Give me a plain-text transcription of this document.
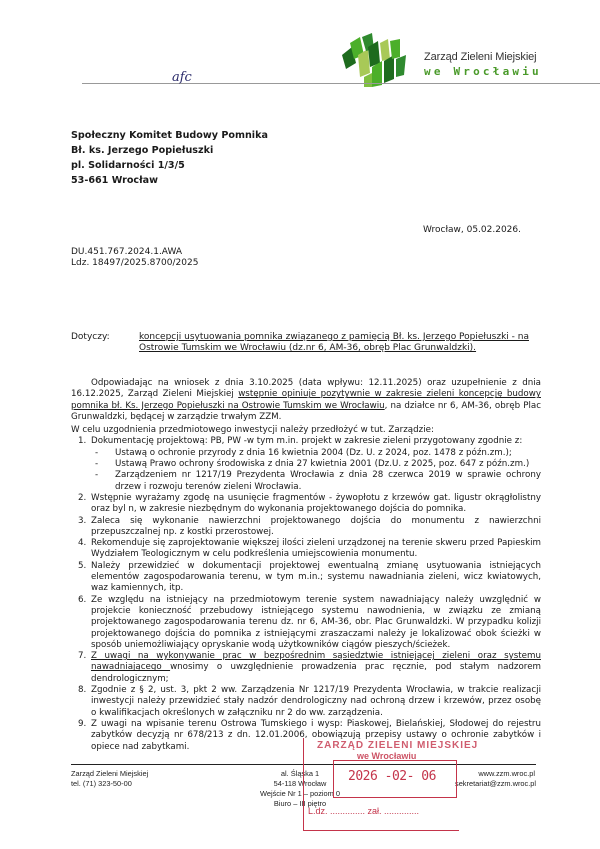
Zarząd Zieleni Miejskiej
we Wrocławiu
afc
Społeczny Komitet Budowy Pomnika
Bł. ks. Jerzego Popiełuszki
pl. Solidarności 1/3/5
53-661 Wrocław
Wrocław, 05.02.2026.
DU.451.767.2024.1.AWA
Ldz. 18497/2025.8700/2025
Dotyczy:	koncepcji usytuowania pomnika związanego z pamięcią Bł. ks. Jerzego Popiełuszki - na Ostrowie Tumskim we Wrocławiu (dz.nr 6, AM-36, obręb Plac Grunwaldzki).

Odpowiadając na wniosek z dnia 3.10.2025 (data wpływu: 12.11.2025) oraz uzupełnienie z dnia 16.12.2025, Zarząd Zieleni Miejskiej wstępnie opiniuje pozytywnie w zakresie zieleni koncepcję budowy pomnika bł. Ks. Jerzego Popiełuszki na Ostrowie Tumskim we Wrocławiu, na działce nr 6, AM-36, obręb Plac Grunwaldzki, będącej w zarządzie trwałym ZZM.

W celu uzgodnienia przedmiotowego inwestycji należy przedłożyć w tut. Zarządzie:

1. Dokumentację projektową: PB, PW -w tym m.in. projekt w zakresie zieleni przygotowany zgodnie z:
- Ustawą o ochronie przyrody z dnia 16 kwietnia 2004 (Dz. U. z 2024, poz. 1478 z późn.zm.);
- Ustawą Prawo ochrony środowiska z dnia 27 kwietnia 2001 (Dz.U. z 2025, poz. 647 z późn.zm.)
- Zarządzeniem nr 1217/19 Prezydenta Wrocławia z dnia 28 czerwca 2019 w sprawie ochrony drzew i rozwoju terenów zieleni Wrocławia.
2. Wstępnie wyrażamy zgodę na usunięcie fragmentów - żywopłotu z krzewów gat. ligustr okrągłolistny oraz byl n, w zakresie niezbędnym do wykonania projektowanego dojścia do pomnika.
3. Zaleca się wykonanie nawierzchni projektowanego dojścia do monumentu z nawierzchni przepuszczalnej np. z kostki przerostowej.
4. Rekomenduje się zaprojektowanie większej ilości zieleni urządzonej na terenie skweru przed Papieskim Wydziałem Teologicznym w celu podkreślenia umiejscowienia monumentu.
5. Należy przewidzieć w dokumentacji projektowej ewentualną zmianę usytuowania istniejących elementów zagospodarowania terenu, w tym m.in.; systemu nawadniania zieleni, wicz kwiatowych, waz kamiennych, itp.
6. Ze względu na istniejący na przedmiotowym terenie system nawadniający należy uwzględnić w projekcie konieczność przebudowy istniejącego systemu nawodnienia, w związku ze zmianą projektowanego zagospodarowania terenu dz. nr 6, AM-36, obr. Plac Grunwaldzki. W przypadku kolizji projektowanego dojścia do pomnika z istniejącymi zraszaczami należy je lokalizować obok ścieżki w sposób uniemożliwiający opryskanie wodą użytkowników ciągów pieszych/ścieżek.
7. Z uwagi na wykonywanie prac w bezpośrednim sąsiedztwie istniejącej zieleni oraz systemu nawadniającego wnosimy o uwzględnienie prowadzenia prac ręcznie, pod stałym nadzorem dendrologicznym;
8. Zgodnie z § 2, ust. 3, pkt 2 ww. Zarządzenia Nr 1217/19 Prezydenta Wrocławia, w trakcie realizacji inwestycji należy przewidzieć stały nadzór dendrologiczny nad ochroną drzew i krzewów, przez osobę o kwalifikacjach określonych w załączniku nr 2 do ww. zarządzenia.
9. Z uwagi na wpisanie terenu Ostrowa Tumskiego i wysp: Piaskowej, Bielańskiej, Słodowej do rejestru zabytków decyzją nr 678/213 z dn. 12.01.2006, obowiązują przepisy ustawy o ochronie zabytków i opiece nad zabytkami.
Zarząd Zieleni Miejskiej
tel. (71) 323-50-00
al. Śląska 1
54-118 Wrocław
Wejście Nr 1 – poziom 0
Biuro – III piętro
www.zzm.wroc.pl
sekretariat@zzm.wroc.pl
ZARZĄD ZIELENI MIEJSKIEJ
we Wrocławiu
2026 -02- 06
L.dz. .............. zał. ..............
